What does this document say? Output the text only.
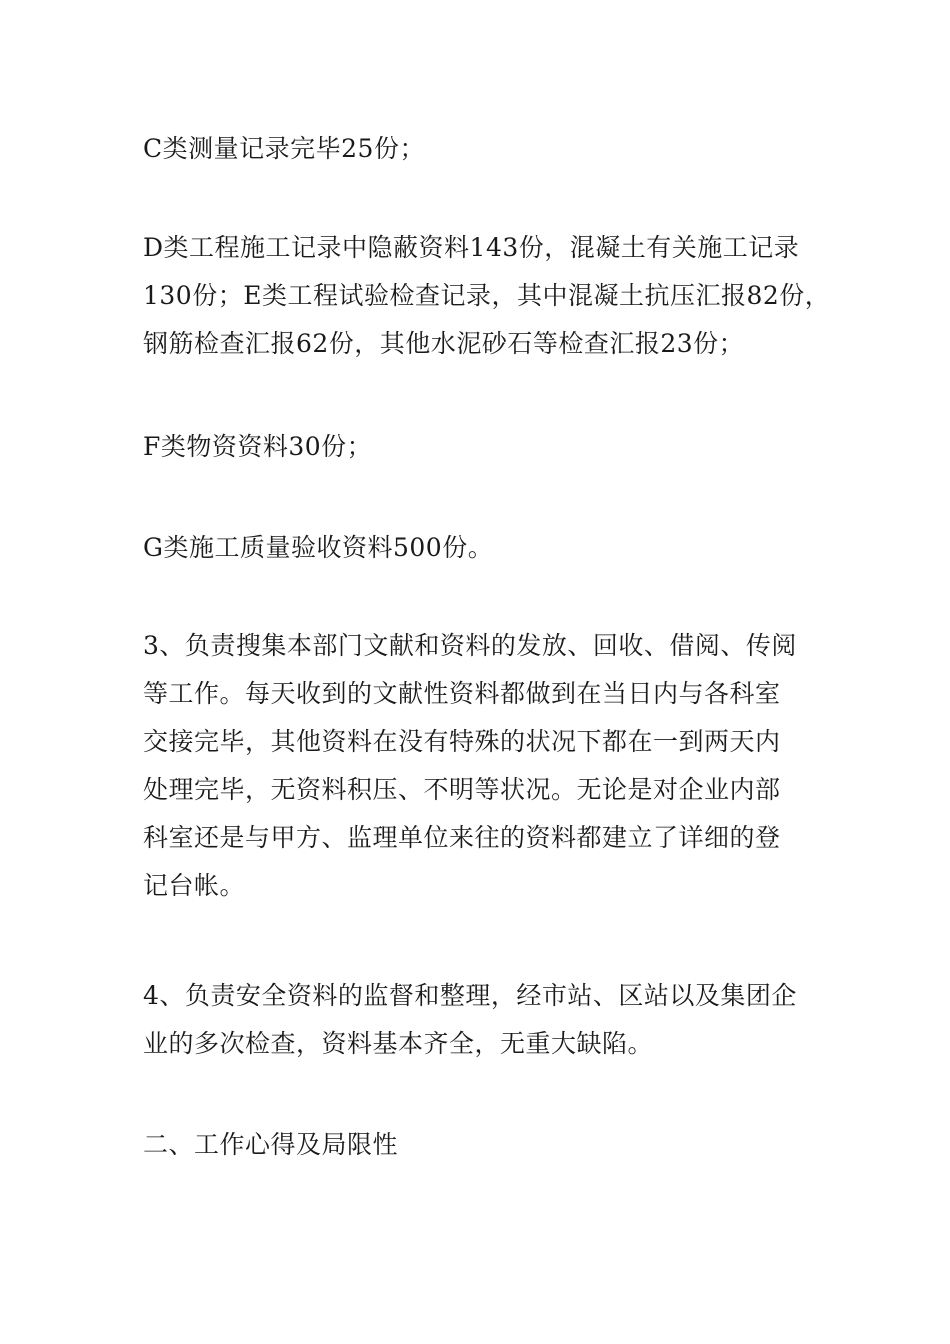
C类测量记录完毕25份；

D类工程施工记录中隐蔽资料143份，混凝土有关施工记录
130份；E类工程试验检查记录，其中混凝土抗压汇报82份，
钢筋检查汇报62份，其他水泥砂石等检查汇报23份；

F类物资资料30份；

G类施工质量验收资料500份。

3、负责搜集本部门文献和资料的发放、回收、借阅、传阅
等工作。每天收到的文献性资料都做到在当日内与各科室
交接完毕，其他资料在没有特殊的状况下都在一到两天内
处理完毕，无资料积压、不明等状况。无论是对企业内部
科室还是与甲方、监理单位来往的资料都建立了详细的登
记台帐。

4、负责安全资料的监督和整理，经市站、区站以及集团企
业的多次检查，资料基本齐全，无重大缺陷。

二、工作心得及局限性
